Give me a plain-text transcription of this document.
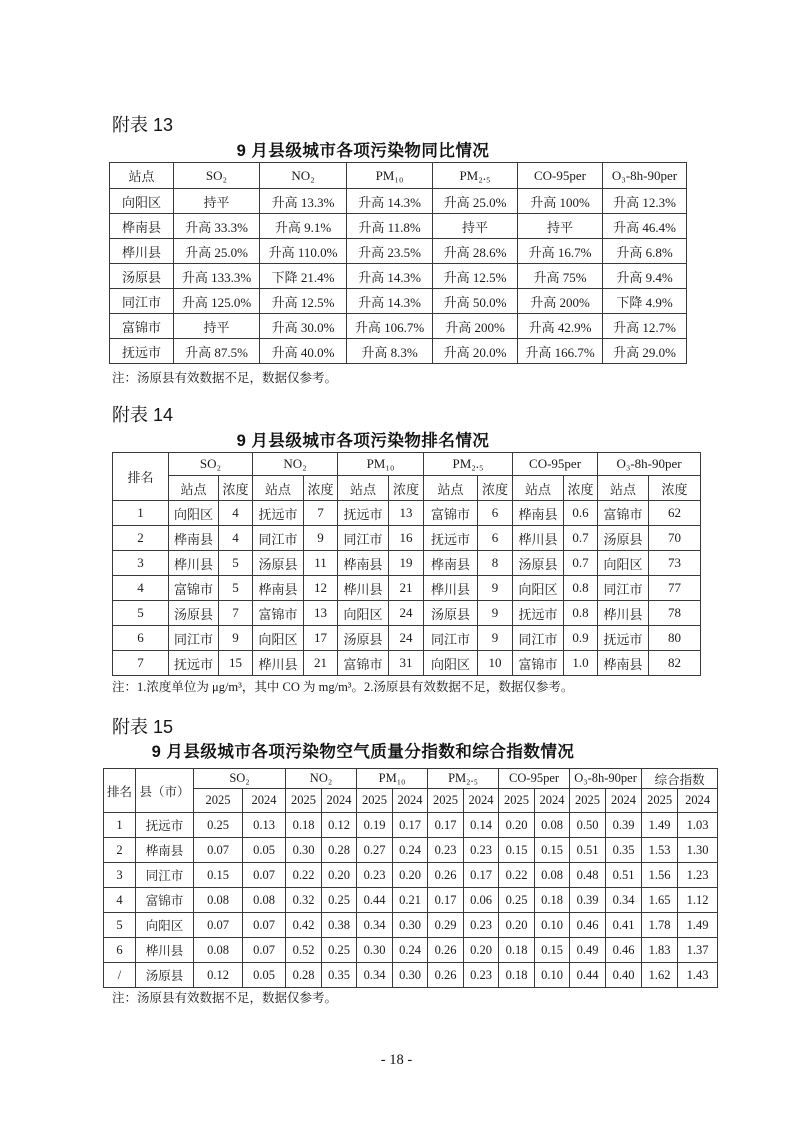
附表 13
9 月县级城市各项污染物同比情况
站点	SO₂	NO₂	PM₁₀	PM₂.₅	CO-95per	O₃-8h-90per
向阳区	持平	升高 13.3%	升高 14.3%	升高 25.0%	升高 100%	升高 12.3%
桦南县	升高 33.3%	升高 9.1%	升高 11.8%	持平	持平	升高 46.4%
桦川县	升高 25.0%	升高 110.0%	升高 23.5%	升高 28.6%	升高 16.7%	升高 6.8%
汤原县	升高 133.3%	下降 21.4%	升高 14.3%	升高 12.5%	升高 75%	升高 9.4%
同江市	升高 125.0%	升高 12.5%	升高 14.3%	升高 50.0%	升高 200%	下降 4.9%
富锦市	持平	升高 30.0%	升高 106.7%	升高 200%	升高 42.9%	升高 12.7%
抚远市	升高 87.5%	升高 40.0%	升高 8.3%	升高 20.0%	升高 166.7%	升高 29.0%
注：汤原县有效数据不足，数据仅参考。
附表 14
9 月县级城市各项污染物排名情况
排名	SO₂		NO₂		PM₁₀		PM₂.₅		CO-95per		O₃-8h-90per	
	站点	浓度	站点	浓度	站点	浓度	站点	浓度	站点	浓度	站点	浓度
1	向阳区	4	抚远市	7	抚远市	13	富锦市	6	桦南县	0.6	富锦市	62
2	桦南县	4	同江市	9	同江市	16	抚远市	6	桦川县	0.7	汤原县	70
3	桦川县	5	汤原县	11	桦南县	19	桦南县	8	汤原县	0.7	向阳区	73
4	富锦市	5	桦南县	12	桦川县	21	桦川县	9	向阳区	0.8	同江市	77
5	汤原县	7	富锦市	13	向阳区	24	汤原县	9	抚远市	0.8	桦川县	78
6	同江市	9	向阳区	17	汤原县	24	同江市	9	同江市	0.9	抚远市	80
7	抚远市	15	桦川县	21	富锦市	31	向阳区	10	富锦市	1.0	桦南县	82
注：1.浓度单位为 μg/m³，其中 CO 为 mg/m³。2.汤原县有效数据不足，数据仅参考。
附表 15
9 月县级城市各项污染物空气质量分指数和综合指数情况
排名	县（市）	SO₂		NO₂		PM₁₀		PM₂.₅		CO-95per		O₃-8h-90per		综合指数	
		2025	2024	2025	2024	2025	2024	2025	2024	2025	2024	2025	2024	2025	2024
1	抚远市	0.25	0.13	0.18	0.12	0.19	0.17	0.17	0.14	0.20	0.08	0.50	0.39	1.49	1.03
2	桦南县	0.07	0.05	0.30	0.28	0.27	0.24	0.23	0.23	0.15	0.15	0.51	0.35	1.53	1.30
3	同江市	0.15	0.07	0.22	0.20	0.23	0.20	0.26	0.17	0.22	0.08	0.48	0.51	1.56	1.23
4	富锦市	0.08	0.08	0.32	0.25	0.44	0.21	0.17	0.06	0.25	0.18	0.39	0.34	1.65	1.12
5	向阳区	0.07	0.07	0.42	0.38	0.34	0.30	0.29	0.23	0.20	0.10	0.46	0.41	1.78	1.49
6	桦川县	0.08	0.07	0.52	0.25	0.30	0.24	0.26	0.20	0.18	0.15	0.49	0.46	1.83	1.37
/	汤原县	0.12	0.05	0.28	0.35	0.34	0.30	0.26	0.23	0.18	0.10	0.44	0.40	1.62	1.43
注：汤原县有效数据不足，数据仅参考。
- 18 -
